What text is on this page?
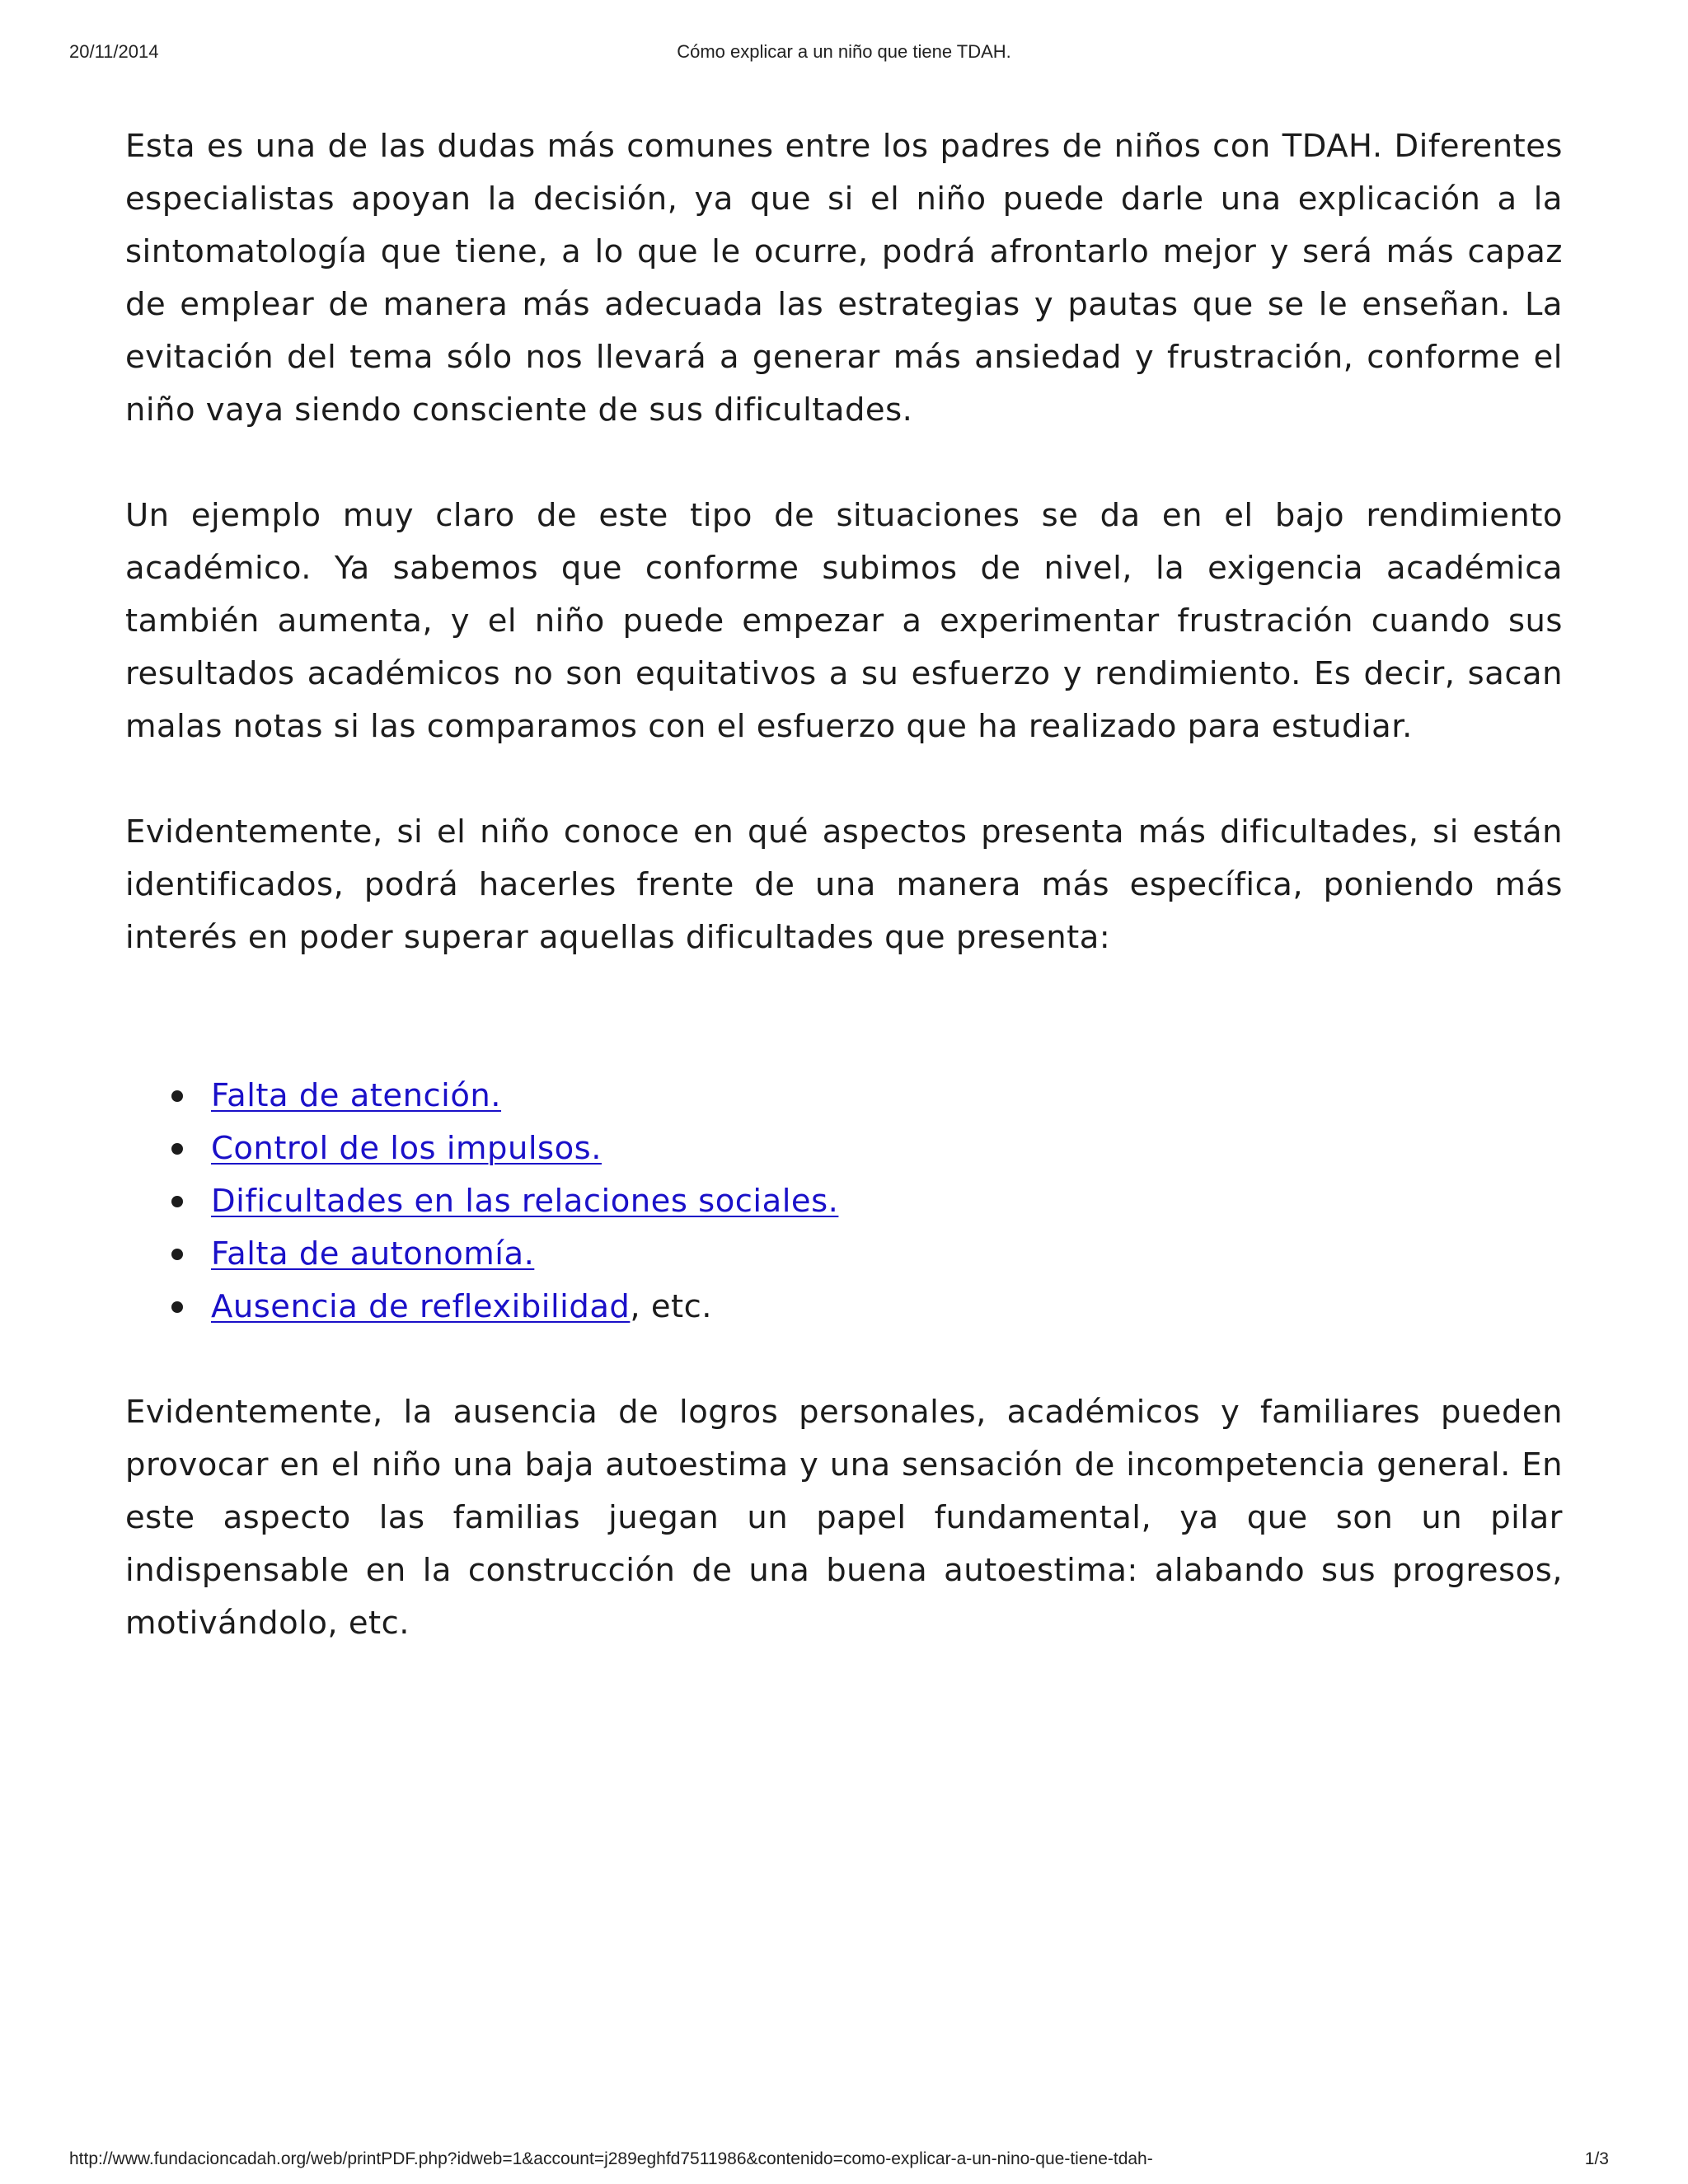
20/11/2014	Cómo explicar a un niño que tiene TDAH.

Esta es una de las dudas más comunes entre los padres de niños con TDAH. Diferentes especialistas apoyan la decisión, ya que si el niño puede darle una explicación a la sintomatología que tiene, a lo que le ocurre, podrá afrontarlo mejor y será más capaz de emplear de manera más adecuada las estrategias y pautas que se le enseñan. La evitación del tema sólo nos llevará a generar más ansiedad y frustración, conforme el niño vaya siendo consciente de sus dificultades.

Un ejemplo muy claro de este tipo de situaciones se da en el bajo rendimiento académico. Ya sabemos que conforme subimos de nivel, la exigencia académica también aumenta, y el niño puede empezar a experimentar frustración cuando sus resultados académicos no son equitativos a su esfuerzo y rendimiento. Es decir, sacan malas notas si las comparamos con el esfuerzo que ha realizado para estudiar.

Evidentemente, si el niño conoce en qué aspectos presenta más dificultades, si están identificados, podrá hacerles frente de una manera más específica, poniendo más interés en poder superar aquellas dificultades que presenta:

Falta de atención.
Control de los impulsos.
Dificultades en las relaciones sociales.
Falta de autonomía.
Ausencia de reflexibilidad, etc.

Evidentemente, la ausencia de logros personales, académicos y familiares pueden provocar en el niño una baja autoestima y una sensación de incompetencia general. En este aspecto las familias juegan un papel fundamental, ya que son un pilar indispensable en la construcción de una buena autoestima: alabando sus progresos, motivándolo, etc.

http://www.fundacioncadah.org/web/printPDF.php?idweb=1&account=j289eghfd7511986&contenido=como-explicar-a-un-nino-que-tiene-tdah-	1/3
